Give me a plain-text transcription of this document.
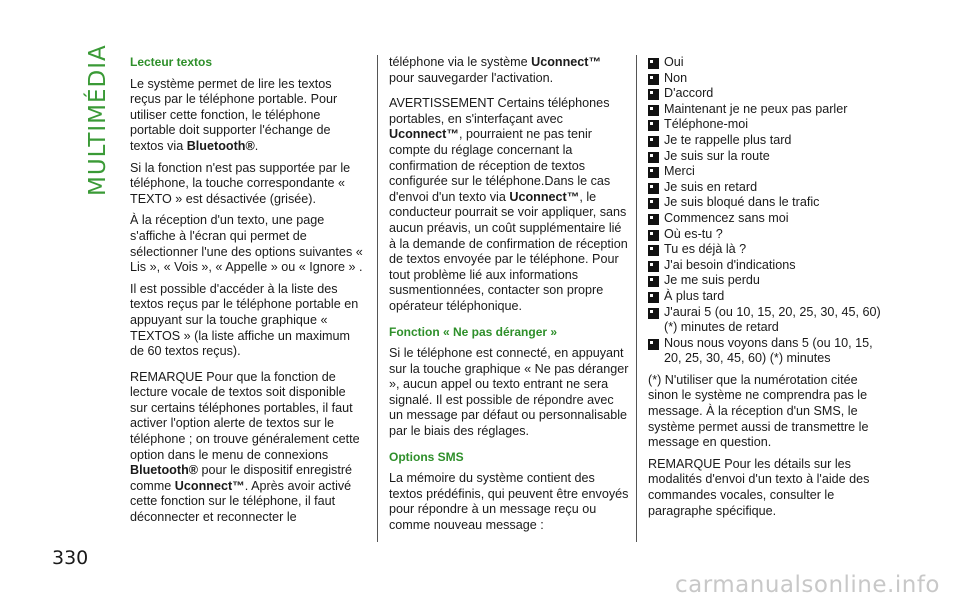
MULTIMÉDIA
330
Lecteur textos

Le système permet de lire les textos reçus par le téléphone portable. Pour utiliser cette fonction, le téléphone portable doit supporter l'échange de textos via Bluetooth®.

Si la fonction n'est pas supportée par le téléphone, la touche correspondante « TEXTO » est désactivée (grisée).

À la réception d'un texto, une page s'affiche à l'écran qui permet de sélectionner l'une des options suivantes « Lis », « Vois », « Appelle » ou « Ignore » .

Il est possible d'accéder à la liste des textos reçus par le téléphone portable en appuyant sur la touche graphique « TEXTOS » (la liste affiche un maximum de 60 textos reçus).

REMARQUE Pour que la fonction de lecture vocale de textos soit disponible sur certains téléphones portables, il faut activer l'option alerte de textos sur le téléphone ; on trouve généralement cette option dans le menu de connexions Bluetooth® pour le dispositif enregistré comme Uconnect™. Après avoir activé cette fonction sur le téléphone, il faut déconnecter et reconnecter le

téléphone via le système Uconnect™ pour sauvegarder l'activation.

AVERTISSEMENT Certains téléphones portables, en s'interfaçant avec Uconnect™, pourraient ne pas tenir compte du réglage concernant la confirmation de réception de textos configurée sur le téléphone.Dans le cas d'envoi d'un texto via Uconnect™, le conducteur pourrait se voir appliquer, sans aucun préavis, un coût supplémentaire lié à la demande de confirmation de réception de textos envoyée par le téléphone. Pour tout problème lié aux informations susmentionnées, contacter son propre opérateur téléphonique.

Fonction « Ne pas déranger »

Si le téléphone est connecté, en appuyant sur la touche graphique « Ne pas déranger », aucun appel ou texto entrant ne sera signalé. Il est possible de répondre avec un message par défaut ou personnalisable par le biais des réglages.

Options SMS

La mémoire du système contient des textos prédéfinis, qui peuvent être envoyés pour répondre à un message reçu ou comme nouveau message :

Oui
Non
D'accord
Maintenant je ne peux pas parler
Téléphone-moi
Je te rappelle plus tard
Je suis sur la route
Merci
Je suis en retard
Je suis bloqué dans le trafic
Commencez sans moi
Où es-tu ?
Tu es déjà là ?
J'ai besoin d'indications
Je me suis perdu
À plus tard
J'aurai 5 (ou 10, 15, 20, 25, 30, 45, 60) (*) minutes de retard
Nous nous voyons dans 5 (ou 10, 15, 20, 25, 30, 45, 60) (*) minutes

(*) N'utiliser que la numérotation citée sinon le système ne comprendra pas le message. À la réception d'un SMS, le système permet aussi de transmettre le message en question.

REMARQUE Pour les détails sur les modalités d'envoi d'un texto à l'aide des commandes vocales, consulter le paragraphe spécifique.

carmanualsonline.info
